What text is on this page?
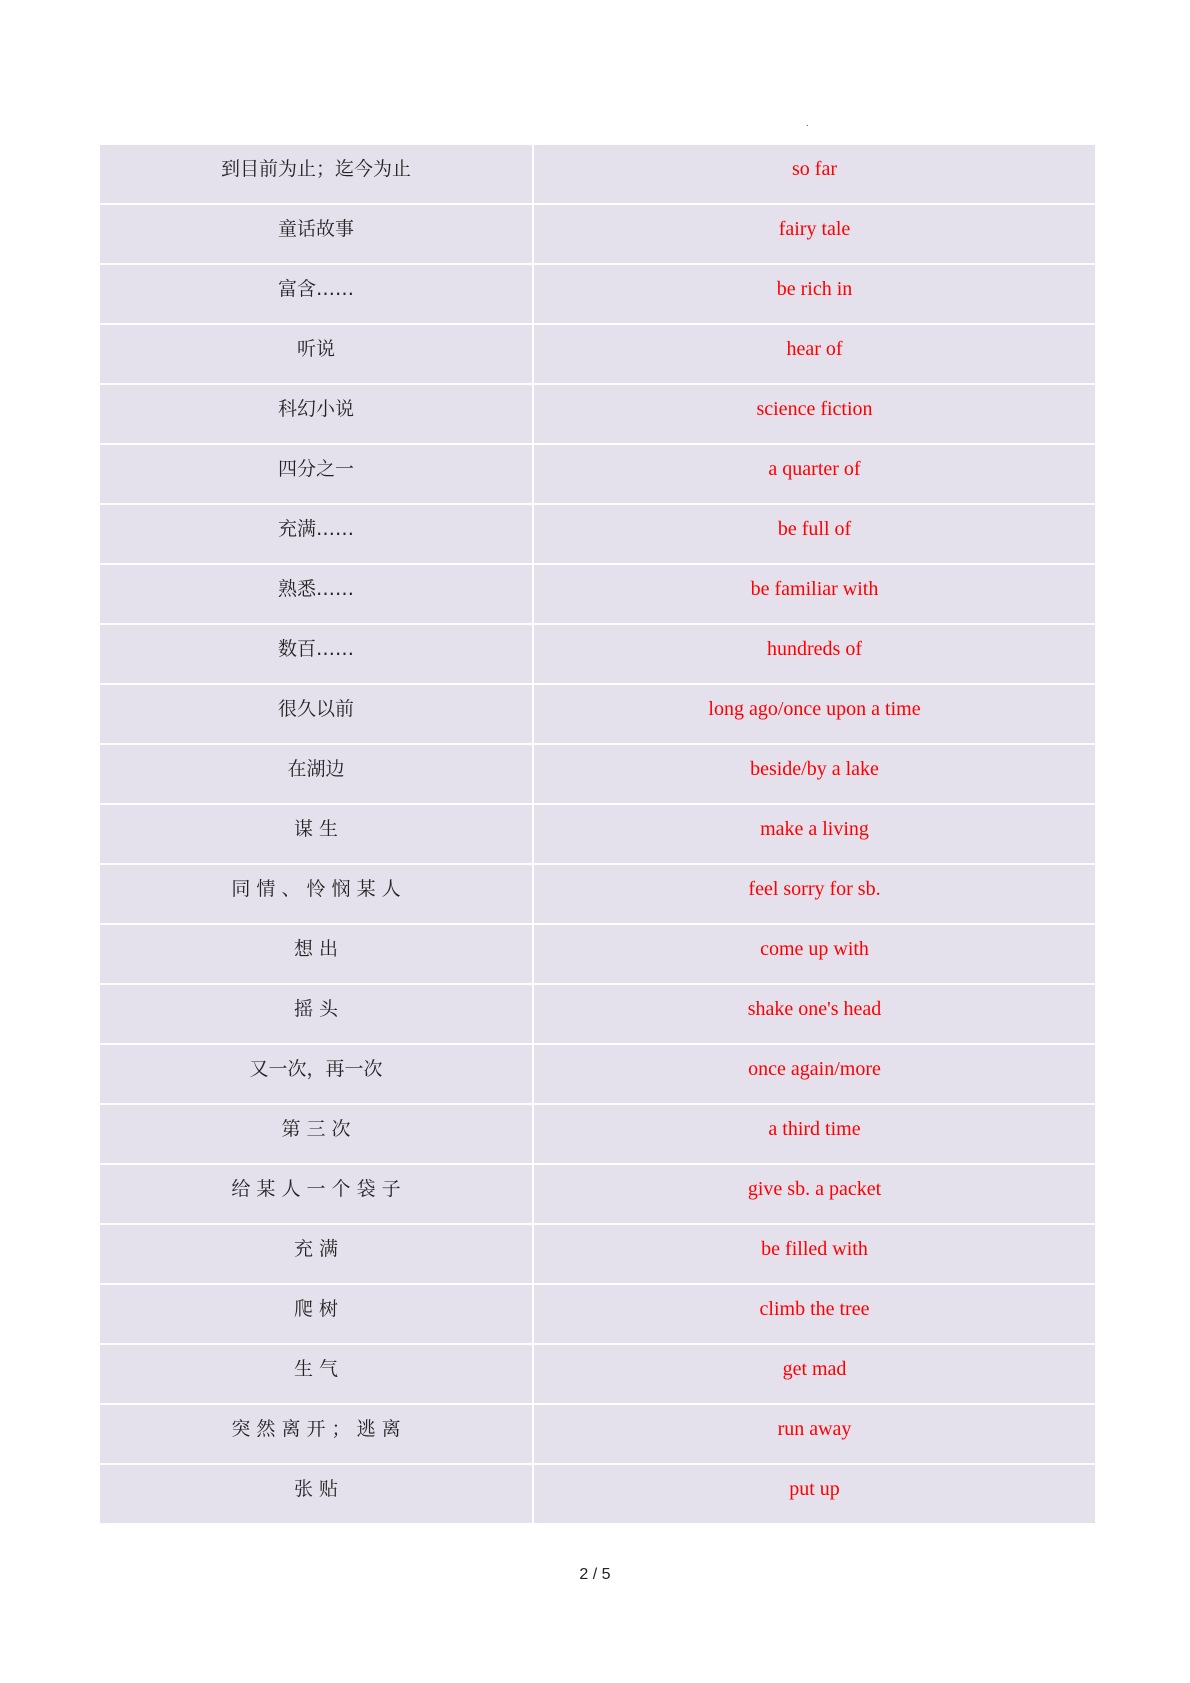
.
到目前为止；迄今为止	so far

童话故事	fairy tale

富含……	be rich in

听说	hear of

科幻小说	science fiction

四分之一	a quarter of

充满……	be full of

熟悉……	be familiar with

数百……	hundreds of

很久以前	long ago/once upon a time

在湖边	beside/by a lake

谋 生	make a living

同 情 、 怜 悯 某 人	feel sorry for sb.

想 出	come up with

摇 头	shake one's head

又一次，再一次	once again/more

第 三 次	a third time

给 某 人 一 个 袋 子	give sb. a packet

充 满	be filled with

爬 树	climb the tree

生 气	get mad

突 然 离 开 ； 逃 离	run away

张 贴	put up
2 / 5
